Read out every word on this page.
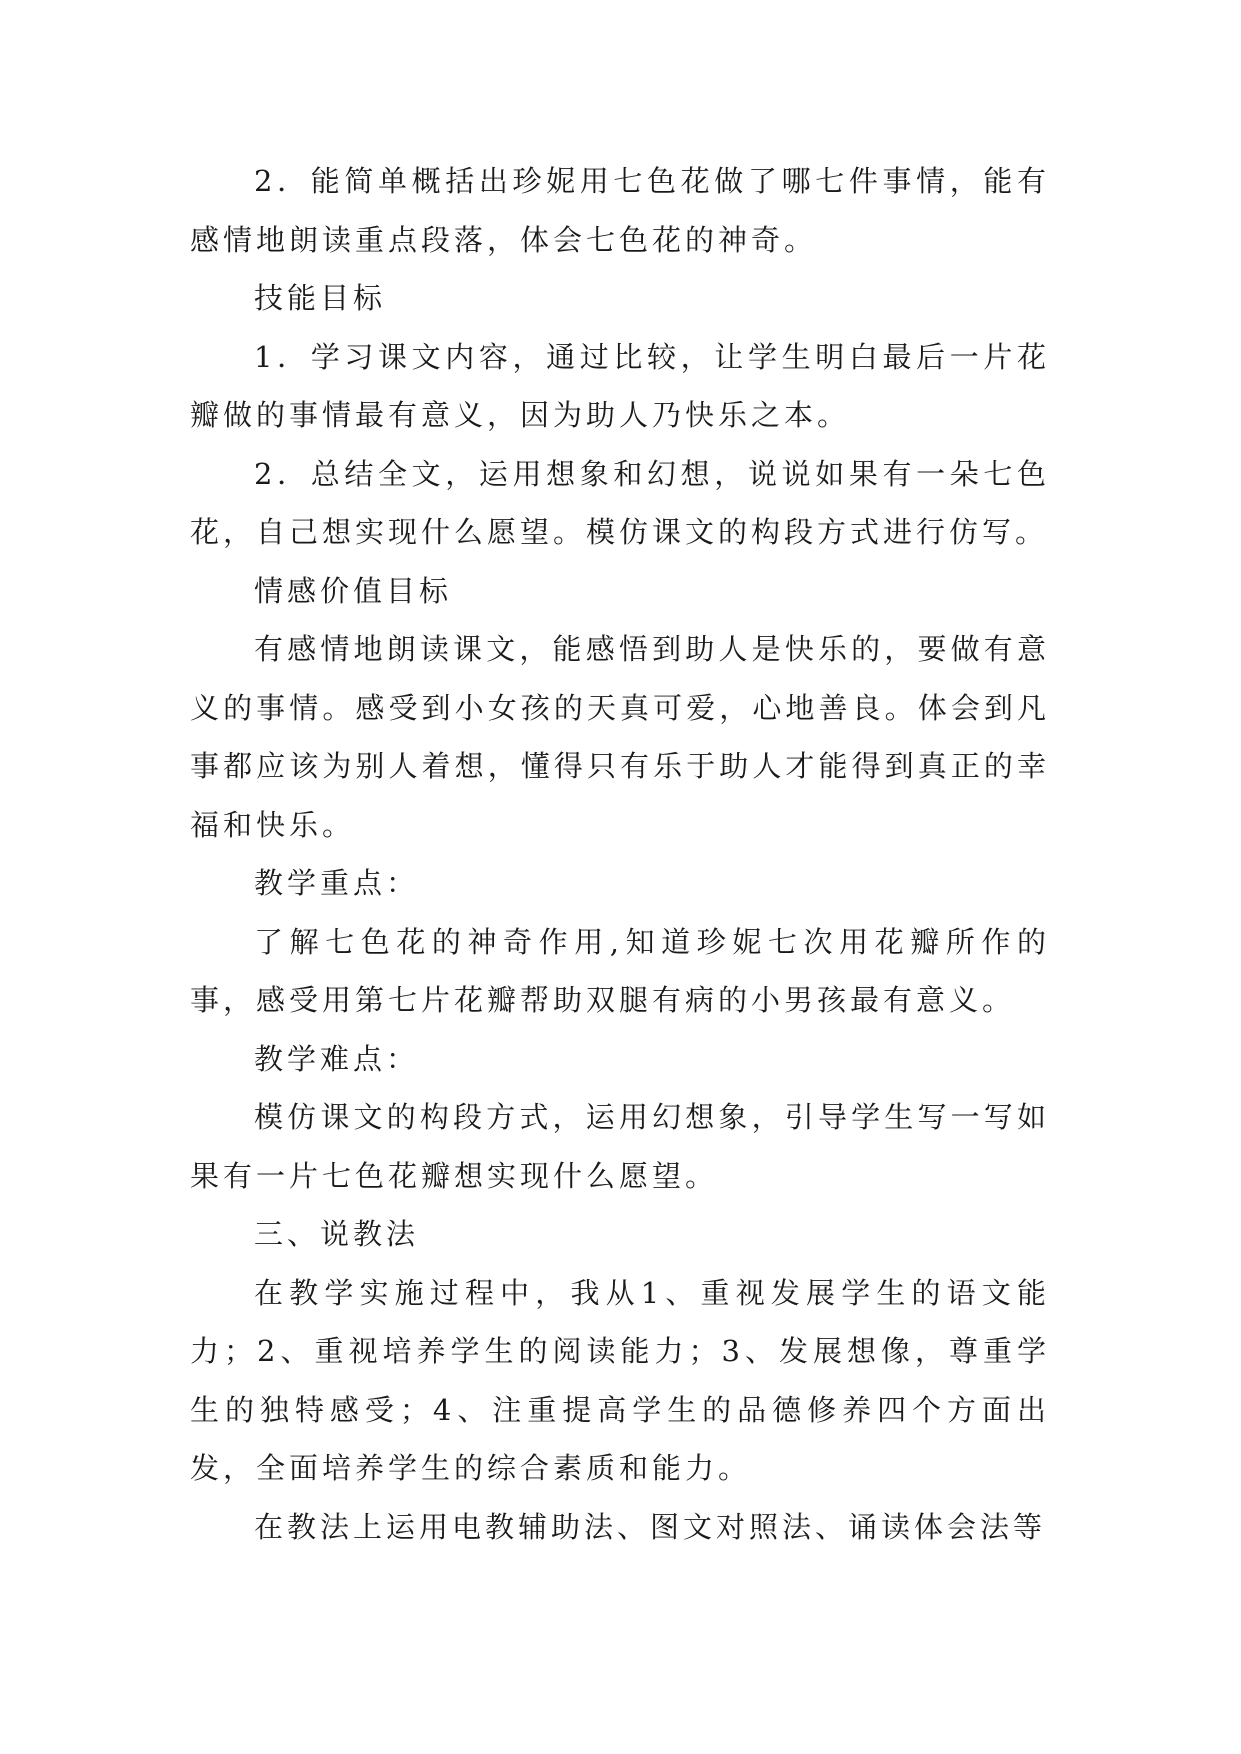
2．能简单概括出珍妮用七色花做了哪七件事情，能有感情地朗读重点段落，体会七色花的神奇。

技能目标

1．学习课文内容，通过比较，让学生明白最后一片花瓣做的事情最有意义，因为助人乃快乐之本。

2．总结全文，运用想象和幻想，说说如果有一朵七色花，自己想实现什么愿望。模仿课文的构段方式进行仿写。

情感价值目标

有感情地朗读课文，能感悟到助人是快乐的，要做有意义的事情。感受到小女孩的天真可爱，心地善良。体会到凡事都应该为别人着想，懂得只有乐于助人才能得到真正的幸福和快乐。

教学重点：

了解七色花的神奇作用,知道珍妮七次用花瓣所作的事，感受用第七片花瓣帮助双腿有病的小男孩最有意义。

教学难点：

模仿课文的构段方式，运用幻想象，引导学生写一写如果有一片七色花瓣想实现什么愿望。

三、说教法

在教学实施过程中，我从1、重视发展学生的语文能力；2、重视培养学生的阅读能力；3、发展想像，尊重学生的独特感受；4、注重提高学生的品德修养四个方面出发，全面培养学生的综合素质和能力。

在教法上运用电教辅助法、图文对照法、诵读体会法等
